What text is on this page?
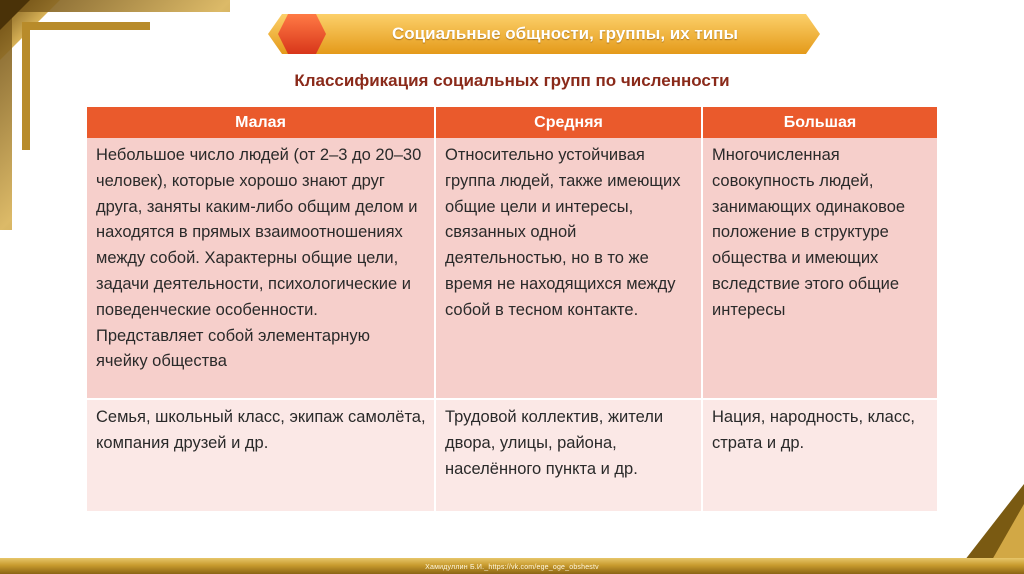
Социальные общности, группы, их типы
Классификация социальных групп по численности
Малая	Средняя	Большая
Небольшое число людей (от 2–3 до 20–30 человек), которые хорошо знают друг друга, заняты каким-либо общим делом и находятся в прямых взаимоотношениях между собой. Характерны общие цели, задачи деятельности, психологические и поведенческие особенности. Представляет собой элементарную ячейку общества	Относительно устойчивая группа людей, также имеющих общие цели и интересы, связанных одной деятельностью, но в то же время не находящихся между собой в тесном контакте.	Многочисленная совокупность людей, занимающих одинаковое положение в структуре общества и имеющих вследствие этого общие интересы
Семья, школьный класс, экипаж самолёта, компания друзей и др.	Трудовой коллектив, жители двора, улицы, района, населённого пункта и др.	Нация, народность, класс, страта и др.
Хамидуллин Б.И._https://vk.com/ege_oge_obshestv
